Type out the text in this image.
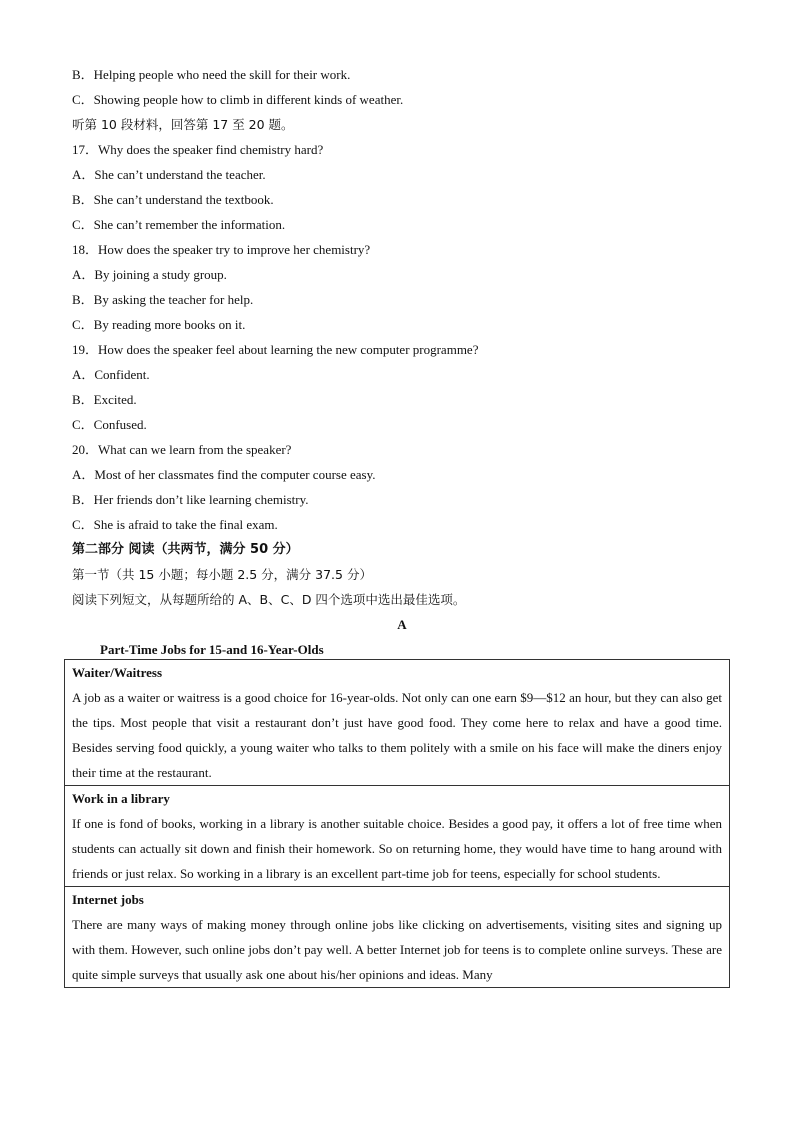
B．Helping people who need the skill for their work.
C．Showing people how to climb in different kinds of weather.
听第 10 段材料，回答第 17 至 20 题。
17．Why does the speaker find chemistry hard?
A．She can’t understand the teacher.
B．She can’t understand the textbook.
C．She can’t remember the information.
18．How does the speaker try to improve her chemistry?
A．By joining a study group.
B．By asking the teacher for help.
C．By reading more books on it.
19．How does the speaker feel about learning the new computer programme?
A．Confident.
B．Excited.
C．Confused.
20．What can we learn from the speaker?
A．Most of her classmates find the computer course easy.
B．Her friends don’t like learning chemistry.
C．She is afraid to take the final exam.
第二部分 阅读（共两节，满分 50 分）
第一节（共 15 小题；每小题 2.5 分，满分 37.5 分）
阅读下列短文，从每题所给的 A、B、C、D 四个选项中选出最佳选项。
A
Part-Time Jobs for 15-and 16-Year-Olds
Waiter/Waitress
A job as a waiter or waitress is a good choice for 16-year-olds. Not only can one earn $9—$12 an hour, but they can also get the tips. Most people that visit a restaurant don’t just have good food. They come here to relax and have a good time. Besides serving food quickly, a young waiter who talks to them politely with a smile on his face will make the diners enjoy their time at the restaurant.

Work in a library
If one is fond of books, working in a library is another suitable choice. Besides a good pay, it offers a lot of free time when students can actually sit down and finish their homework. So on returning home, they would have time to hang around with friends or just relax. So working in a library is an excellent part-time job for teens, especially for school students.

Internet jobs
There are many ways of making money through online jobs like clicking on advertisements, visiting sites and signing up with them. However, such online jobs don’t pay well. A better Internet job for teens is to complete online surveys. These are quite simple surveys that usually ask one about his/her opinions and ideas. Many
